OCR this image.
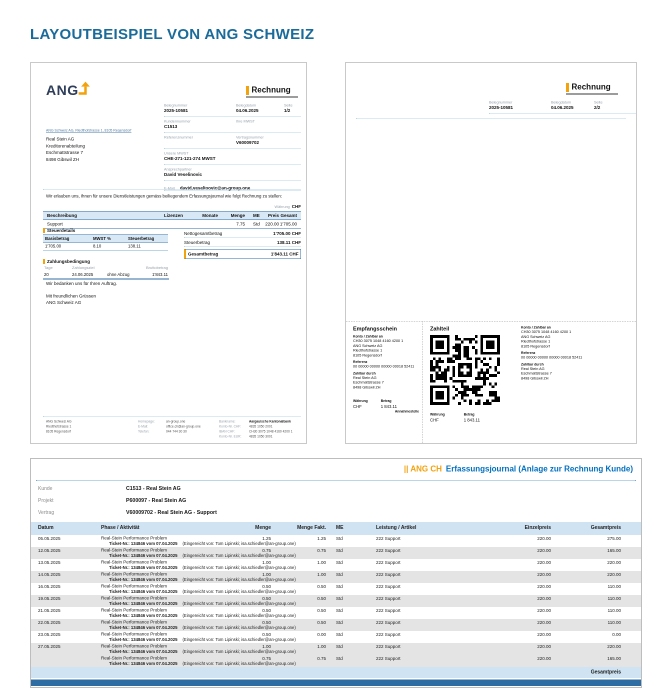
LAYOUTBEISPIEL VON ANG SCHWEIZ
ANG	Rechnung
Belegnummer
2025-10581
Belegdatum
04.06.2025
Seite
1/2
Kundennummer
C1513
Ihre MWST
Referenznummer	Vertragsnummer
V60009702
Unsere MWST
CHE-271-121-274 MWST
Ansprechpartner
David Veselinovic
E-Mail david.veselinovic@an-group.one
ANG Schweiz AG, Riedthofstrasse 1, 8105 Regensdorf
Real Stein AG
Kreditorenabteilung
Eschmattstrasse 7
8498 Gibswil ZH
Wir erlauben uns, Ihnen für unsere Dienstleistungen gemäss beiliegendem Erfassungsjournal wie folgt Rechnung zu stellen:
Währung CHF
Beschreibung	Lizenzen	Monate	Menge ME Preis Gesamt
Support	7.75 Std 220.00 1'705.00
Steuerdetails
Basisbetrag	MWST % Steuerbetrag
1'705.00	8.10	138.11
Nettogesamtbetrag	1'705.00 CHF
Steuerbetrag	138.11 CHF
Gesamtbetrag	1'843.11 CHF
Zahlungsbedingung
Tage Zahlungsziel	Bruttobetrag
20	24.06.2025 ohne Abzug	1'843.11
Wir bedanken uns für Ihren Auftrag.
Mit freundlichen Grüssen
ANG Schweiz AG
ANG Schweiz AG
Riedthofstrasse 1
8105 Regensdorf
Homepage:	an-group.one
E-Mail:	office.ch@an-group.one
Telefon:	044 744 30 30
Bankname:	Aargauische Kantonalbank
Konto-Nr. CHF:	4835 1050 2001
IBAN CHF:	CH30 3075 1048 4160 4200 1
Konto-Nr. EUR:	4835 1050 3001
Rechnung
Belegnummer
2025-10581
Belegdatum
04.06.2025
Seite
2/2
Empfangsschein
Konto / Zahlbar an
CH30 3075 1048 4160 4200 1
ANG Schweiz AG
Riedthofstrasse 1
8105 Regensdorf
Referenz
00 00000 00000 00000 00018 52411
Zahlbar durch
Real Stein AG
Eschmattstrasse 7
8498 Gibswil ZH
Währung
CHF
Betrag
1 843.11
Annahmestelle
Zahlteil
Währung
CHF
Betrag
1 843.11
Konto / Zahlbar an
CH30 3075 1048 4160 4200 1
ANG Schweiz AG
Riedthofstrasse 1
8105 Regensdorf
Referenz
00 00000 00000 00000 00018 52411
Zahlbar durch
Real Stein AG
Eschmattstrasse 7
8498 Gibswil ZH
|| ANG CH Erfassungsjournal (Anlage zur Rechnung Kunde)
Kunde	C1513 - Real Stein AG
Projekt	P600097 - Real Stein AG
Vertrag	V60009702 - Real Stein AG - Support
Datum	Phase / Aktivität	Menge	Menge Fakt. ME	Leistung / Artikel	Einzelpreis	Gesamtpreis
05.05.2025	Real-Stein Performance Problem
Ticket-Nr.: 134846 vom 07.04.2025 (Eingereicht von: Tom Lipinski; isa.schiedler@an-group.one)
1.25	1.25 Std	222 Support	220.00	275.00
12.05.2025	Real-Stein Performance Problem
Ticket-Nr.: 134846 vom 07.04.2025 (Eingereicht von: Tom Lipinski; isa.schiedler@an-group.one)
0.75	0.75 Std	222 Support	220.00	165.00
13.05.2025	Real-Stein Performance Problem
Ticket-Nr.: 134846 vom 07.04.2025 (Eingereicht von: Tom Lipinski; isa.schiedler@an-group.one)
1.00	1.00 Std	222 Support	220.00	220.00
14.05.2025	Real-Stein Performance Problem
Ticket-Nr.: 134846 vom 07.04.2025 (Eingereicht von: Tom Lipinski; isa.schiedler@an-group.one)
1.00	1.00 Std	222 Support	220.00	220.00
16.05.2025	Real-Stein Performance Problem
Ticket-Nr.: 134846 vom 07.04.2025 (Eingereicht von: Tom Lipinski; isa.schiedler@an-group.one)
0.50	0.50 Std	222 Support	220.00	110.00
19.05.2025	Real-Stein Performance Problem
Ticket-Nr.: 134846 vom 07.04.2025 (Eingereicht von: Tom Lipinski; isa.schiedler@an-group.one)
0.50	0.50 Std	222 Support	220.00	110.00
21.05.2025	Real-Stein Performance Problem
Ticket-Nr.: 134846 vom 07.04.2025 (Eingereicht von: Tom Lipinski; isa.schiedler@an-group.one)
0.50	0.50 Std	222 Support	220.00	110.00
22.05.2025	Real-Stein Performance Problem
Ticket-Nr.: 134846 vom 07.04.2025 (Eingereicht von: Tom Lipinski; isa.schiedler@an-group.one)
0.50	0.50 Std	222 Support	220.00	110.00
23.05.2025	Real-Stein Performance Problem
Ticket-Nr.: 134846 vom 07.04.2025 (Eingereicht von: Tom Lipinski; isa.schiedler@an-group.one)
0.50	0.00 Std	222 Support	220.00	0.00
27.05.2025	Real-Stein Performance Problem
Ticket-Nr.: 134846 vom 07.04.2025 (Eingereicht von: Tom Lipinski; isa.schiedler@an-group.one)
1.00	1.00 Std	222 Support	220.00	220.00
Real-Stein Performance Problem
Ticket-Nr.: 134846 vom 07.04.2025 (Eingereicht von: Tom Lipinski; isa.schiedler@an-group.one)
0.75	0.75 Std	222 Support	220.00	165.00
Gesamtpreis
